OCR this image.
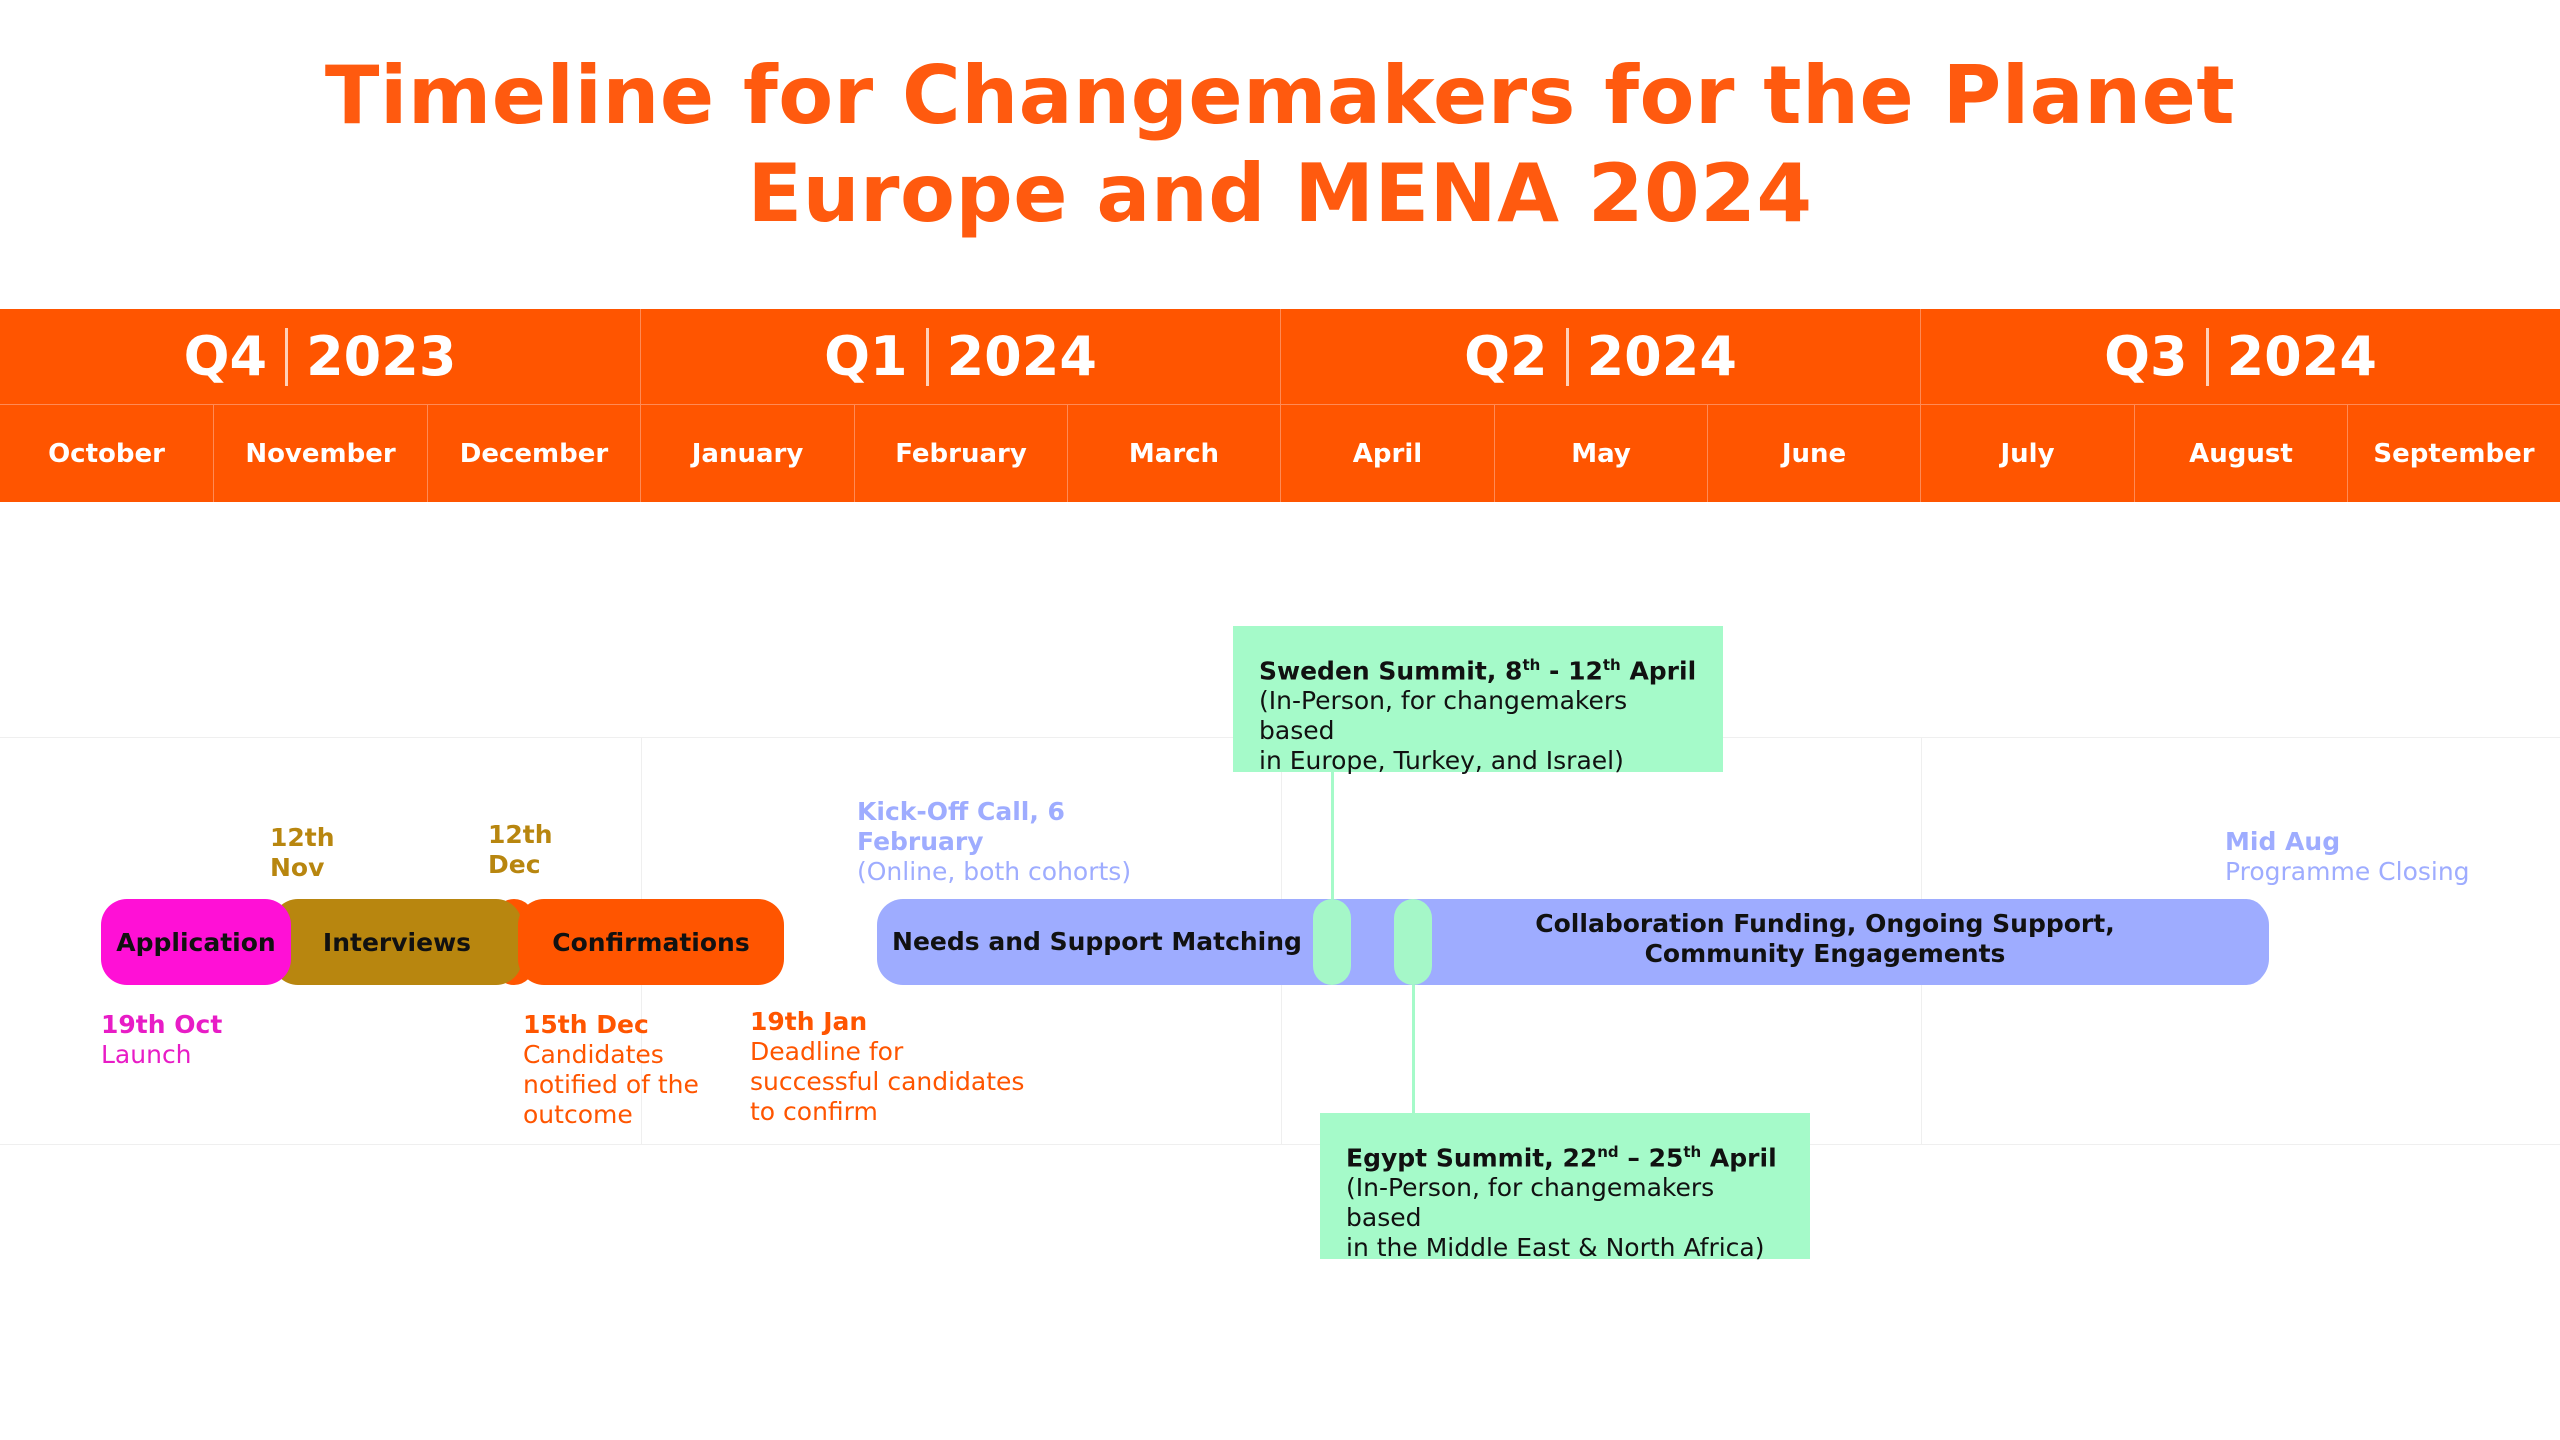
Timeline for Changemakers for the Planet
Europe and MENA 2024
Q4 2023	Q1 2024	Q2 2024	Q3 2024
October	November	December	January	February	March	April	May	June	July	August	September
Interviews
Application	Confirmations	Needs and Support Matching
Collaboration Funding, Ongoing Support,
Community Engagements
12th
Nov
12th
Dec
Kick-Off Call, 6
February
(Online, both cohorts)
Mid Aug
Programme Closing
19th Oct
Launch
15th Dec
Candidates
notified of the
outcome
19th Jan
Deadline for
successful candidates
to confirm
Sweden Summit, 8th - 12th April
(In-Person, for changemakers based
in Europe, Turkey, and Israel)
Egypt Summit, 22nd – 25th April
(In-Person, for changemakers based
in the Middle East & North Africa)
